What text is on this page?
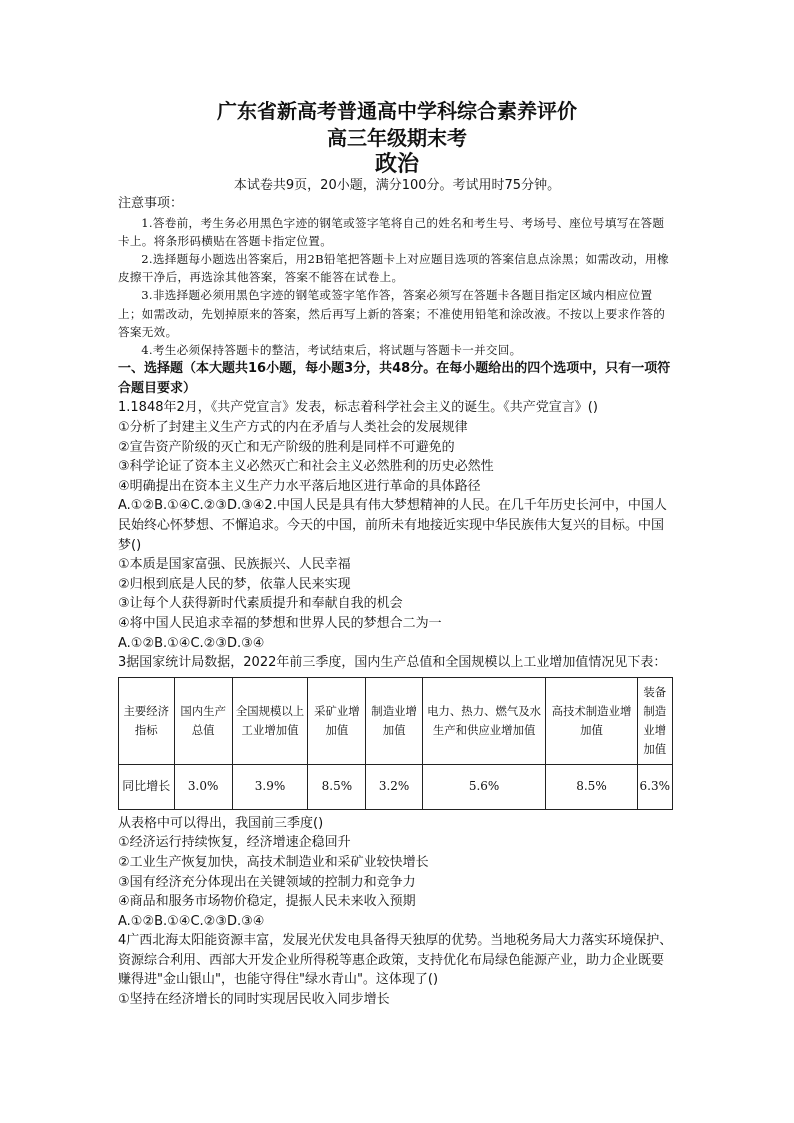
广东省新高考普通高中学科综合素养评价
高三年级期末考
政治
本试卷共9页，20小题，满分100分。考试用时75分钟。

注意事项：

1.答卷前，考生务必用黑色字迹的钢笔或签字笔将自己的姓名和考生号、考场号、座位号填写在答题卡上。将条形码横贴在答题卡指定位置。

2.选择题每小题选出答案后，用2B铅笔把答题卡上对应题目选项的答案信息点涂黑；如需改动，用橡皮擦干净后，再选涂其他答案，答案不能答在试卷上。

3.非选择题必须用黑色字迹的钢笔或签字笔作答，答案必须写在答题卡各题目指定区域内相应位置上；如需改动，先划掉原来的答案，然后再写上新的答案；不准使用铅笔和涂改液。不按以上要求作答的答案无效。

4.考生必须保持答题卡的整洁，考试结束后，将试题与答题卡一并交回。

一、选择题（本大题共16小题，每小题3分，共48分。在每小题给出的四个选项中，只有一项符合题目要求）

1.1848年2月，《共产党宣言》发表，标志着科学社会主义的诞生。《共产党宣言》()

①分析了封建主义生产方式的内在矛盾与人类社会的发展规律

②宣告资产阶级的灭亡和无产阶级的胜利是同样不可避免的

③科学论证了资本主义必然灭亡和社会主义必然胜利的历史必然性

④明确提出在资本主义生产力水平落后地区进行革命的具体路径

A.①②B.①④C.②③D.③④2.中国人民是具有伟大梦想精神的人民。在几千年历史长河中，中国人民始终心怀梦想、不懈追求。今天的中国，前所未有地接近实现中华民族伟大复兴的目标。中国梦()

①本质是国家富强、民族振兴、人民幸福

②归根到底是人民的梦，依靠人民来实现

③让每个人获得新时代素质提升和奉献自我的机会

④将中国人民追求幸福的梦想和世界人民的梦想合二为一

A.①②B.①④C.②③D.③④

3据国家统计局数据，2022年前三季度，国内生产总值和全国规模以上工业增加值情况见下表：

主要经济指标	国内生产总值	全国规模以上工业增加值	采矿业增加值	制造业增加值	电力、热力、燃气及水生产和供应业增加值	高技术制造业增加值	装备制造业增加值
同比增长	3.0%	3.9%	8.5%	3.2%	5.6%	8.5%	6.3%

从表格中可以得出，我国前三季度()

①经济运行持续恢复，经济增速企稳回升

②工业生产恢复加快，高技术制造业和采矿业较快增长

③国有经济充分体现出在关键领域的控制力和竞争力

④商品和服务市场物价稳定，提振人民未来收入预期

A.①②B.①④C.②③D.③④

4广西北海太阳能资源丰富，发展光伏发电具备得天独厚的优势。当地税务局大力落实环境保护、资源综合利用、西部大开发企业所得税等惠企政策，支持优化布局绿色能源产业，助力企业既要赚得进"金山银山"，也能守得住"绿水青山"。这体现了()

①坚持在经济增长的同时实现居民收入同步增长
